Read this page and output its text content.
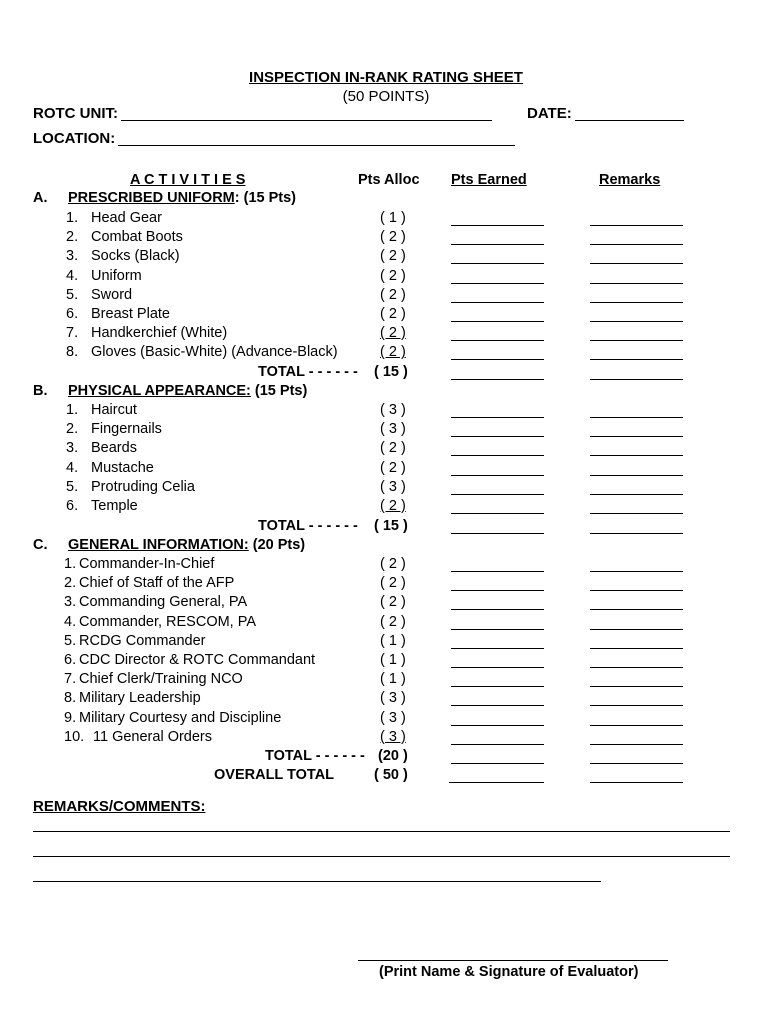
INSPECTION IN-RANK RATING SHEET
(50 POINTS)
ROTC UNIT:	DATE:
LOCATION:
A C T I V I T I E S	Pts Alloc Pts Earned	Remarks
A. PRESCRIBED UNIFORM: (15 Pts)
1. Head Gear	( 1 )
2. Combat Boots	( 2 )
3. Socks (Black)	( 2 )
4. Uniform	( 2 )
5. Sword	( 2 )
6. Breast Plate	( 2 )
7. Handkerchief (White)	( 2 )
8. Gloves (Basic-White) (Advance-Black)	( 2 )
TOTAL - - - - - - ( 15 )
B. PHYSICAL APPEARANCE: (15 Pts)
1. Haircut	( 3 )
2. Fingernails	( 3 )
3. Beards	( 2 )
4. Mustache	( 2 )
5. Protruding Celia	( 3 )
6. Temple	( 2 )
TOTAL - - - - - - ( 15 )
C. GENERAL INFORMATION: (20 Pts)
1. Commander-In-Chief	( 2 )
2. Chief of Staff of the AFP	( 2 )
3. Commanding General, PA	( 2 )
4. Commander, RESCOM, PA	( 2 )
5. RCDG Commander	( 1 )
6. CDC Director & ROTC Commandant	( 1 )
7. Chief Clerk/Training NCO	( 1 )
8. Military Leadership	( 3 )
9. Military Courtesy and Discipline	( 3 )
10. 11 General Orders	( 3 )
TOTAL - - - - - - (20 )
OVERALL TOTAL	( 50 )
REMARKS/COMMENTS:
(Print Name & Signature of Evaluator)
